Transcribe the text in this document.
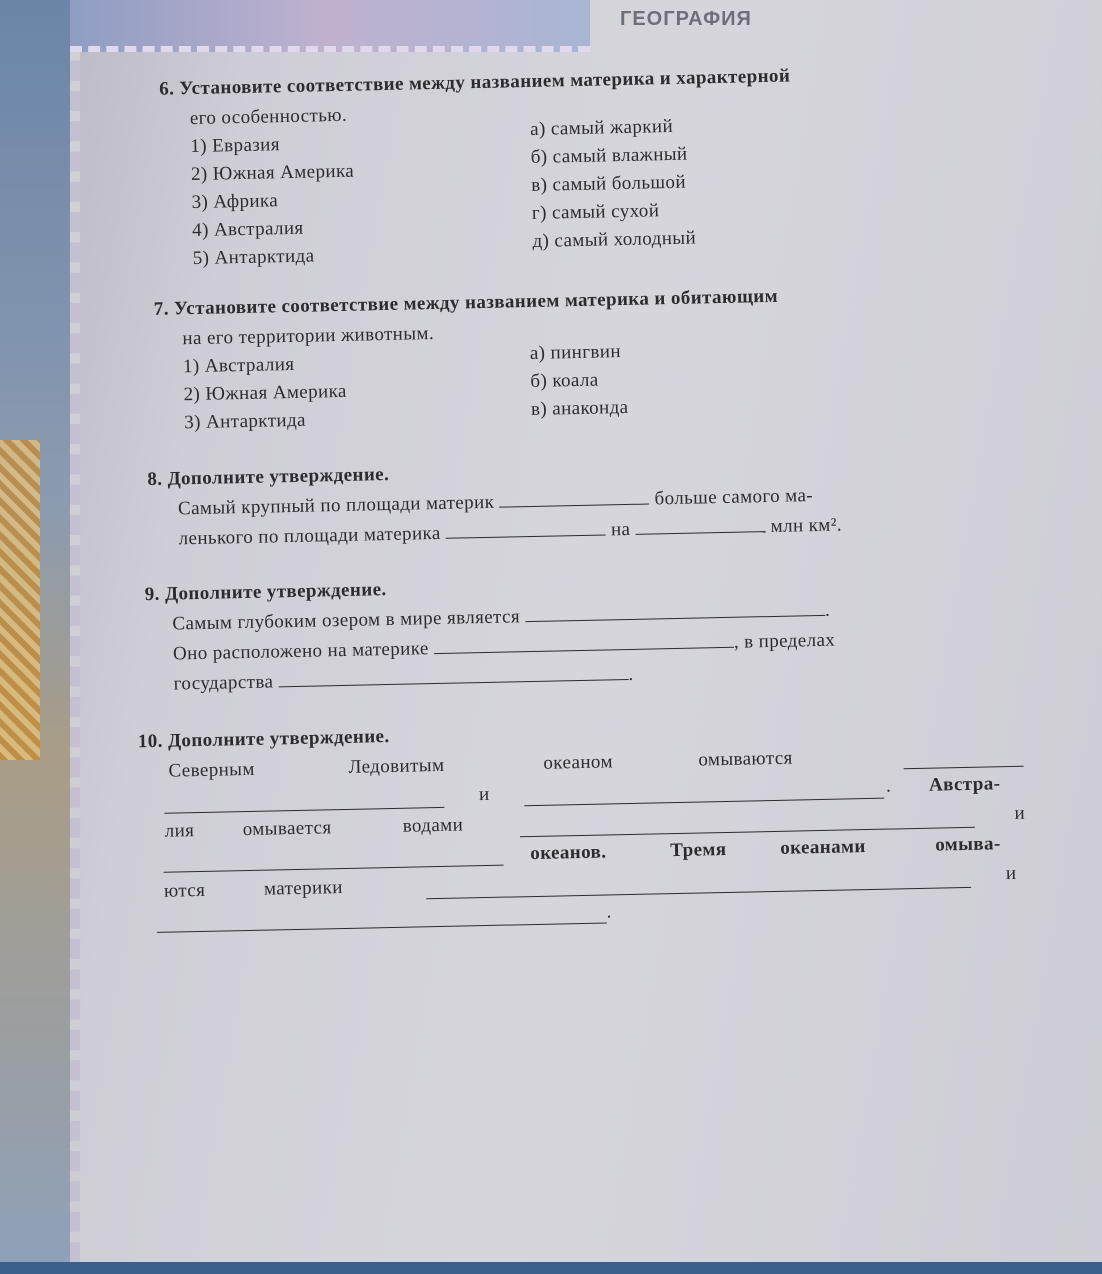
ГЕОГРАФИЯ
6. Установите соответствие между названием материка и характерной
его особенностью.
1) Евразия
2) Южная Америка
3) Африка
4) Австралия
5) Антарктида
а) самый жаркий
б) самый влажный
в) самый большой
г) самый сухой
д) самый холодный
7. Установите соответствие между названием материка и обитающим
на его территории животным.
1) Австралия
2) Южная Америка
3) Антарктида
а) пингвин
б) коала
в) анаконда
8. Дополните утверждение.
Самый крупный по площади материк	больше самого ма-
ленького по площади материка	на	млн км².
9. Дополните утверждение.
Самым глубоким озером в мире является	.
Оно расположено на материке	, в пределах
государства	.
10. Дополните утверждение.
Северным	Ледовитым	океаном	омываются
и	. Австра-
лия	омывается	водами
и
океанов.	Тремя	океанами	омыва-
ются	материки
и
.
